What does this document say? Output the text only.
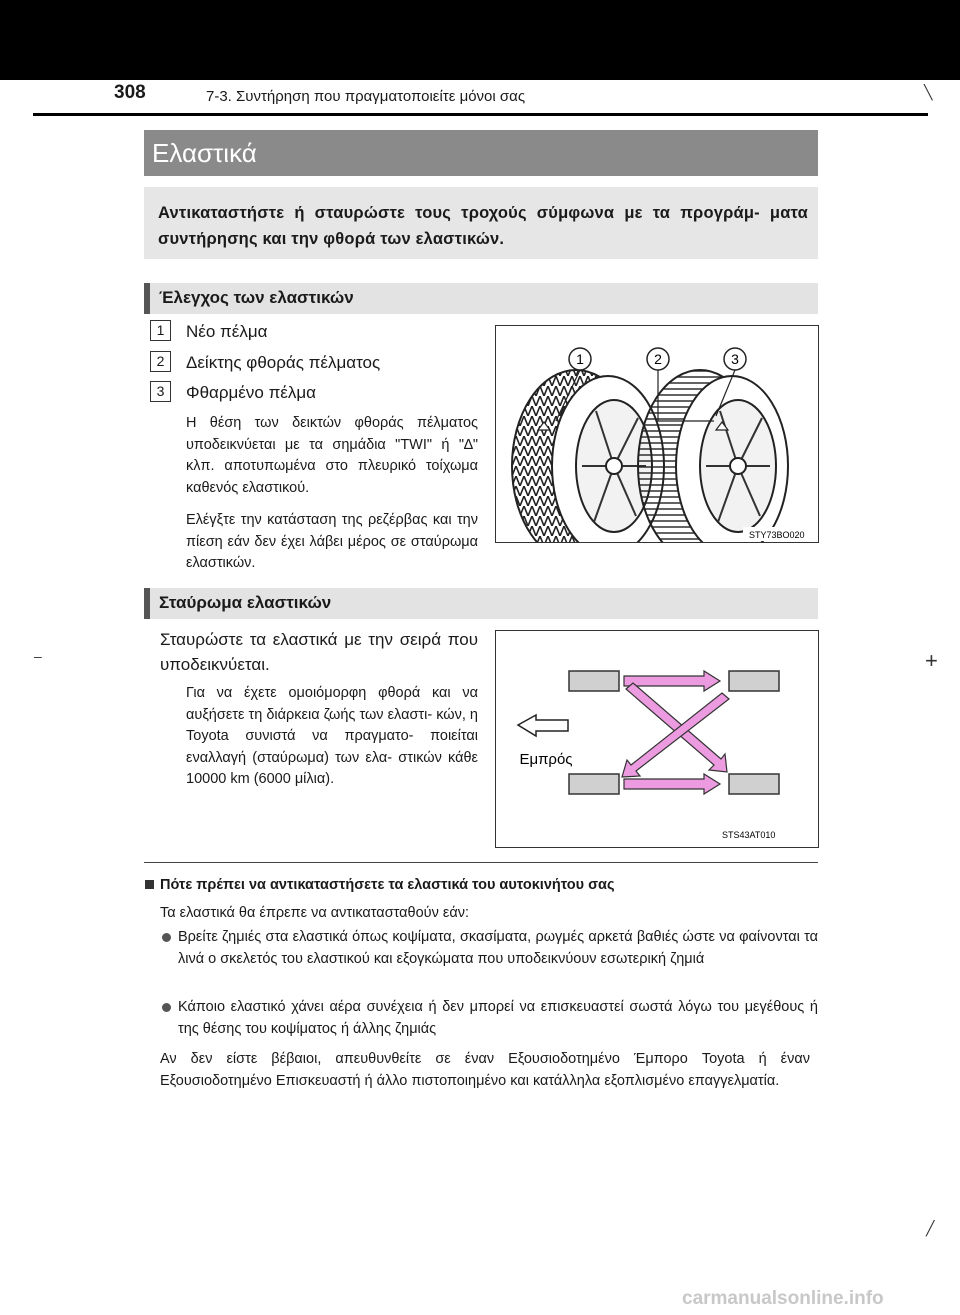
308	7-3. Συντήρηση που πραγματοποιείτε μόνοι σας	╲
+
–
╱
Ελαστικά
Αντικαταστήστε ή σταυρώστε τους τροχούς σύμφωνα με τα προγράμ- ματα συντήρησης και την φθορά των ελαστικών.
Έλεγχος των ελαστικών
1	Νέο πέλμα
2	Δείκτης φθοράς πέλματος
3	Φθαρμένο πέλμα
Η θέση των δεικτών φθοράς πέλματος υποδεικνύεται με τα σημάδια "TWI" ή "∆" κλπ. αποτυπωμένα στο πλευρικό τοίχωμα καθενός ελαστικού.
Ελέγξτε την κατάσταση της ρεζέρβας και την πίεση εάν δεν έχει λάβει μέρος σε σταύρωμα ελαστικών.
1	2	3
STY73BO020
Σταύρωμα ελαστικών
Σταυρώστε τα ελαστικά με την σειρά που υποδεικνύεται.
Για να έχετε ομοιόμορφη φθορά και να αυξήσετε τη διάρκεια ζωής των ελαστι- κών, η Toyota συνιστά να πραγματο- ποιείται εναλλαγή (σταύρωμα) των ελα- στικών κάθε 10000 km (6000 μίλια).
Εμπρός
STS43AT010
Πότε πρέπει να αντικαταστήσετε τα ελαστικά του αυτοκινήτου σας
Τα ελαστικά θα έπρεπε να αντικατασταθούν εάν:
Βρείτε ζημιές στα ελαστικά όπως κοψίματα, σκασίματα, ρωγμές αρκετά βαθιές ώστε να φαίνονται τα λινά ο σκελετός του ελαστικού και εξογκώματα που υποδεικνύουν εσωτερική ζημιά
Κάποιο ελαστικό χάνει αέρα συνέχεια ή δεν μπορεί να επισκευαστεί σωστά λόγω του μεγέθους ή της θέσης του κοψίματος ή άλλης ζημιάς
Αν δεν είστε βέβαιοι, απευθυνθείτε σε έναν Εξουσιοδοτημένο Έμπορο Toyota ή έναν Εξουσιοδοτημένο Επισκευαστή ή άλλο πιστοποιημένο και κατάλληλα εξοπλισμένο επαγγελματία.
carmanualsonline.info
